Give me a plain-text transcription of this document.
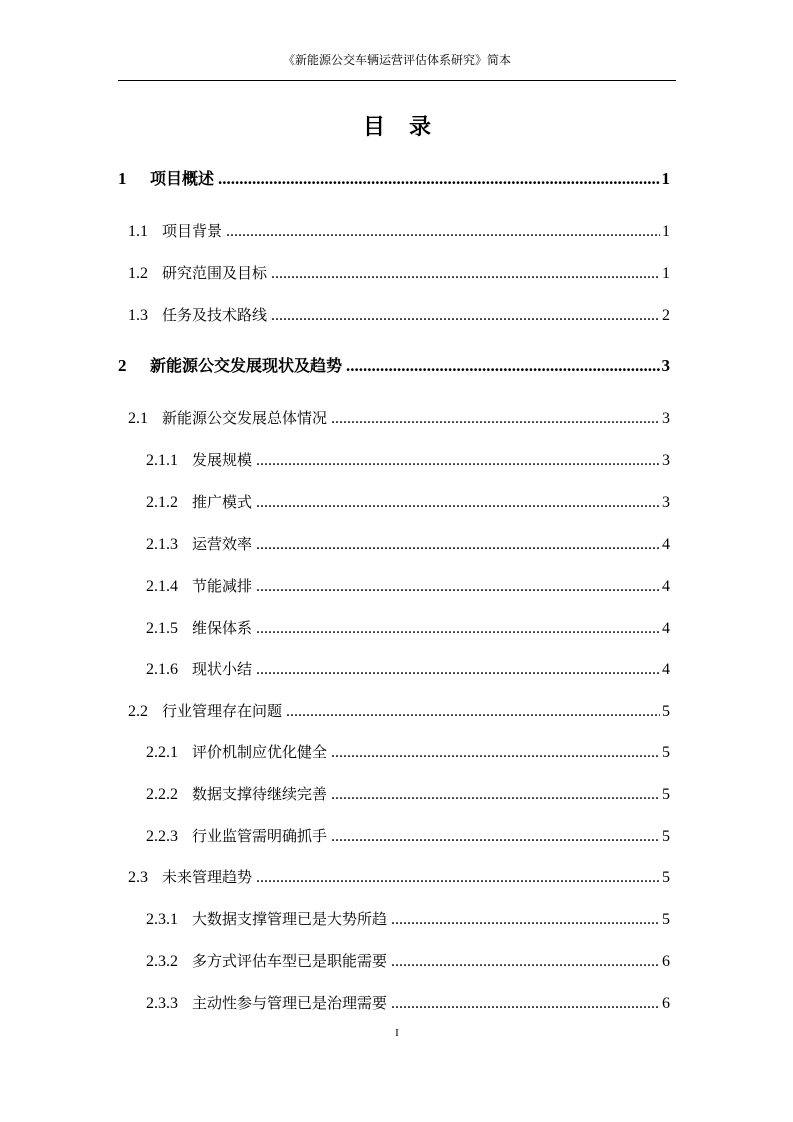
《新能源公交车辆运营评估体系研究》简本
目录
1	项目概述 .....	1
1.1 项目背景 .....	1
1.2 研究范围及目标 .....	1
1.3 任务及技术路线 .....	2
2	新能源公交发展现状及趋势 .....	3
2.1 新能源公交发展总体情况 .....	3
2.1.1 发展规模 .....	3
2.1.2 推广模式 .....	3
2.1.3 运营效率 .....	4
2.1.4 节能减排 .....	4
2.1.5 维保体系 .....	4
2.1.6 现状小结 .....	4
2.2 行业管理存在问题 .....	5
2.2.1 评价机制应优化健全 .....	5
2.2.2 数据支撑待继续完善 .....	5
2.2.3 行业监管需明确抓手 .....	5
2.3 未来管理趋势 .....	5
2.3.1 大数据支撑管理已是大势所趋 .....	5
2.3.2 多方式评估车型已是职能需要 .....	6
2.3.3 主动性参与管理已是治理需要 .....	6
I
